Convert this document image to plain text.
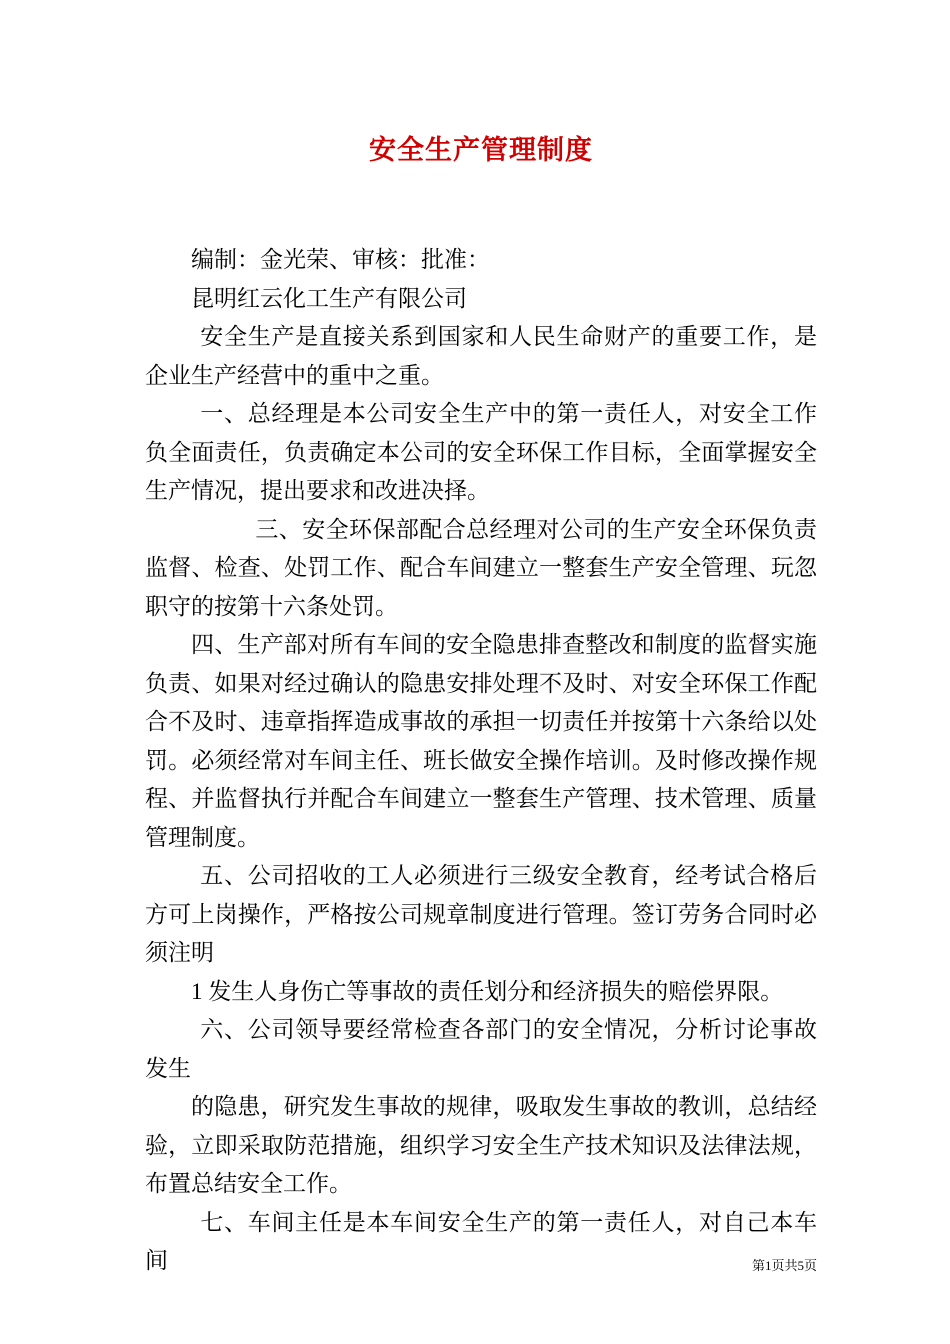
安全生产管理制度

编制：金光荣、审核：批准：

昆明红云化工生产有限公司

安全生产是直接关系到国家和人民生命财产的重要工作，是企业生产经营中的重中之重。

一、总经理是本公司安全生产中的第一责任人，对安全工作负全面责任，负责确定本公司的安全环保工作目标，全面掌握安全生产情况，提出要求和改进决择。

三、安全环保部配合总经理对公司的生产安全环保负责监督、检查、处罚工作、配合车间建立一整套生产安全管理、玩忽职守的按第十六条处罚。

四、生产部对所有车间的安全隐患排查整改和制度的监督实施负责、如果对经过确认的隐患安排处理不及时、对安全环保工作配合不及时、违章指挥造成事故的承担一切责任并按第十六条给以处罚。必须经常对车间主任、班长做安全操作培训。及时修改操作规程、并监督执行并配合车间建立一整套生产管理、技术管理、质量管理制度。

五、公司招收的工人必须进行三级安全教育，经考试合格后方可上岗操作，严格按公司规章制度进行管理。签订劳务合同时必须注明

1 发生人身伤亡等事故的责任划分和经济损失的赔偿界限。

六、公司领导要经常检查各部门的安全情况，分析讨论事故发生

的隐患，研究发生事故的规律，吸取发生事故的教训，总结经验，立即采取防范措施，组织学习安全生产技术知识及法律法规，布置总结安全工作。

七、车间主任是本车间安全生产的第一责任人，对自己本车间	第1页共5页
